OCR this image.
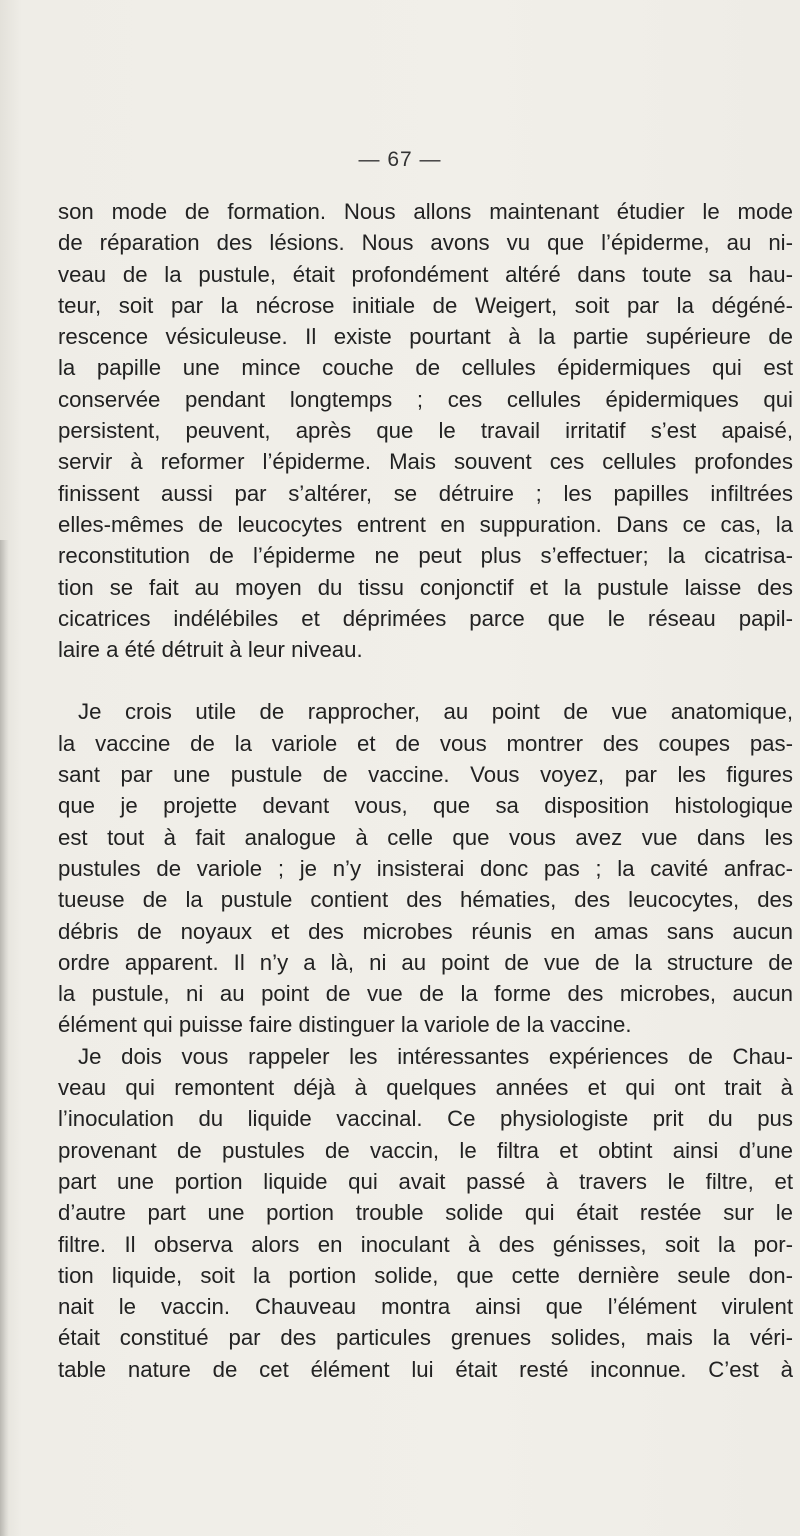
— 67 —
son mode de formation. Nous allons maintenant étudier le mode
de réparation des lésions. Nous avons vu que l’épiderme, au ni-
veau de la pustule, était profondément altéré dans toute sa hau-
teur, soit par la nécrose initiale de Weigert, soit par la dégéné-
rescence vésiculeuse. Il existe pourtant à la partie supérieure de
la papille une mince couche de cellules épidermiques qui est
conservée pendant longtemps ; ces cellules épidermiques qui
persistent, peuvent, après que le travail irritatif s’est apaisé,
servir à reformer l’épiderme. Mais souvent ces cellules profondes
finissent aussi par s’altérer, se détruire ; les papilles infiltrées
elles-mêmes de leucocytes entrent en suppuration. Dans ce cas, la
reconstitution de l’épiderme ne peut plus s’effectuer; la cicatrisa-
tion se fait au moyen du tissu conjonctif et la pustule laisse des
cicatrices indélébiles et déprimées parce que le réseau papil-
laire a été détruit à leur niveau.
Je crois utile de rapprocher, au point de vue anatomique,
la vaccine de la variole et de vous montrer des coupes pas-
sant par une pustule de vaccine. Vous voyez, par les figures
que je projette devant vous, que sa disposition histologique
est tout à fait analogue à celle que vous avez vue dans les
pustules de variole ; je n’y insisterai donc pas ; la cavité anfrac-
tueuse de la pustule contient des hématies, des leucocytes, des
débris de noyaux et des microbes réunis en amas sans aucun
ordre apparent. Il n’y a là, ni au point de vue de la structure de
la pustule, ni au point de vue de la forme des microbes, aucun
élément qui puisse faire distinguer la variole de la vaccine.
Je dois vous rappeler les intéressantes expériences de Chau-
veau qui remontent déjà à quelques années et qui ont trait à
l’inoculation du liquide vaccinal. Ce physiologiste prit du pus
provenant de pustules de vaccin, le filtra et obtint ainsi d’une
part une portion liquide qui avait passé à travers le filtre, et
d’autre part une portion trouble solide qui était restée sur le
filtre. Il observa alors en inoculant à des génisses, soit la por-
tion liquide, soit la portion solide, que cette dernière seule don-
nait le vaccin. Chauveau montra ainsi que l’élément virulent
était constitué par des particules grenues solides, mais la véri-
table nature de cet élément lui était resté inconnue. C’est à
